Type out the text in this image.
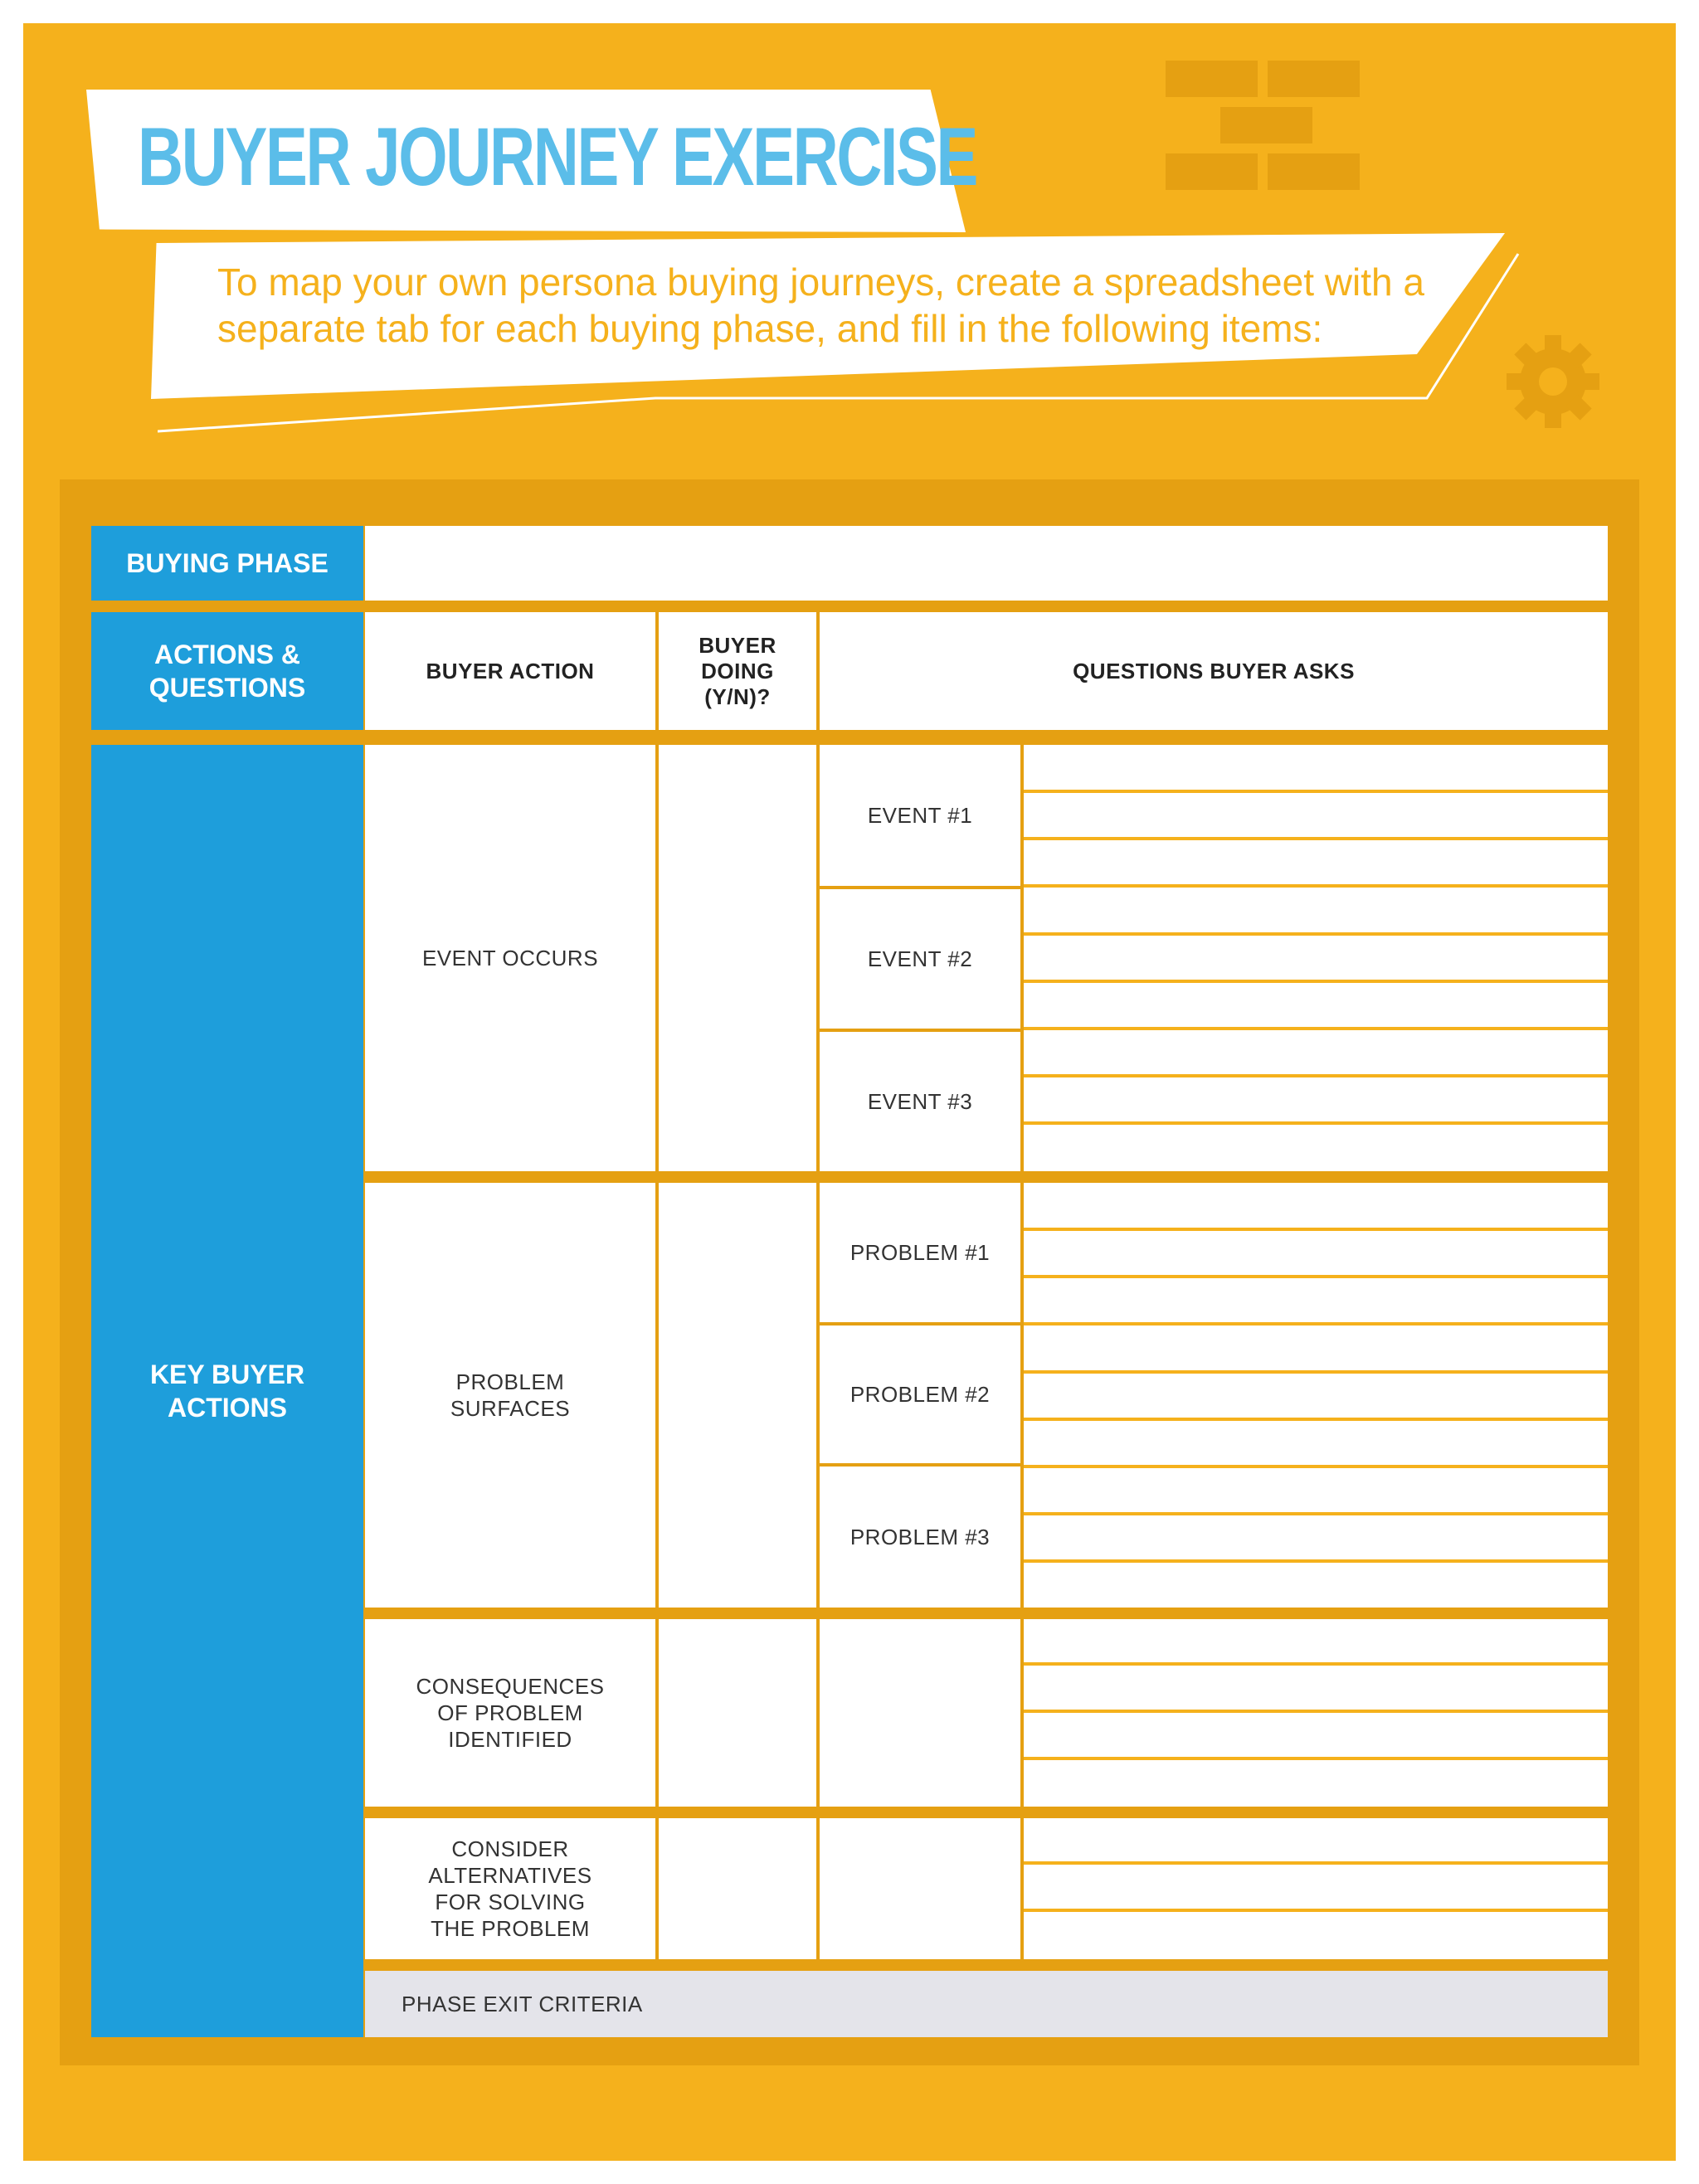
BUYER JOURNEY EXERCISE

To map your own persona buying journeys, create a spreadsheet with a separate tab for each buying phase, and fill in the following items:

BUYING PHASE
ACTIONS & QUESTIONS
BUYER ACTION
BUYER DOING (Y/N)?
QUESTIONS BUYER ASKS
KEY BUYER ACTIONS
EVENT OCCURS
EVENT #1
EVENT #2
EVENT #3
PROBLEM SURFACES
PROBLEM #1
PROBLEM #2
PROBLEM #3
CONSEQUENCES OF PROBLEM IDENTIFIED
CONSIDER ALTERNATIVES FOR SOLVING THE PROBLEM
PHASE EXIT CRITERIA
